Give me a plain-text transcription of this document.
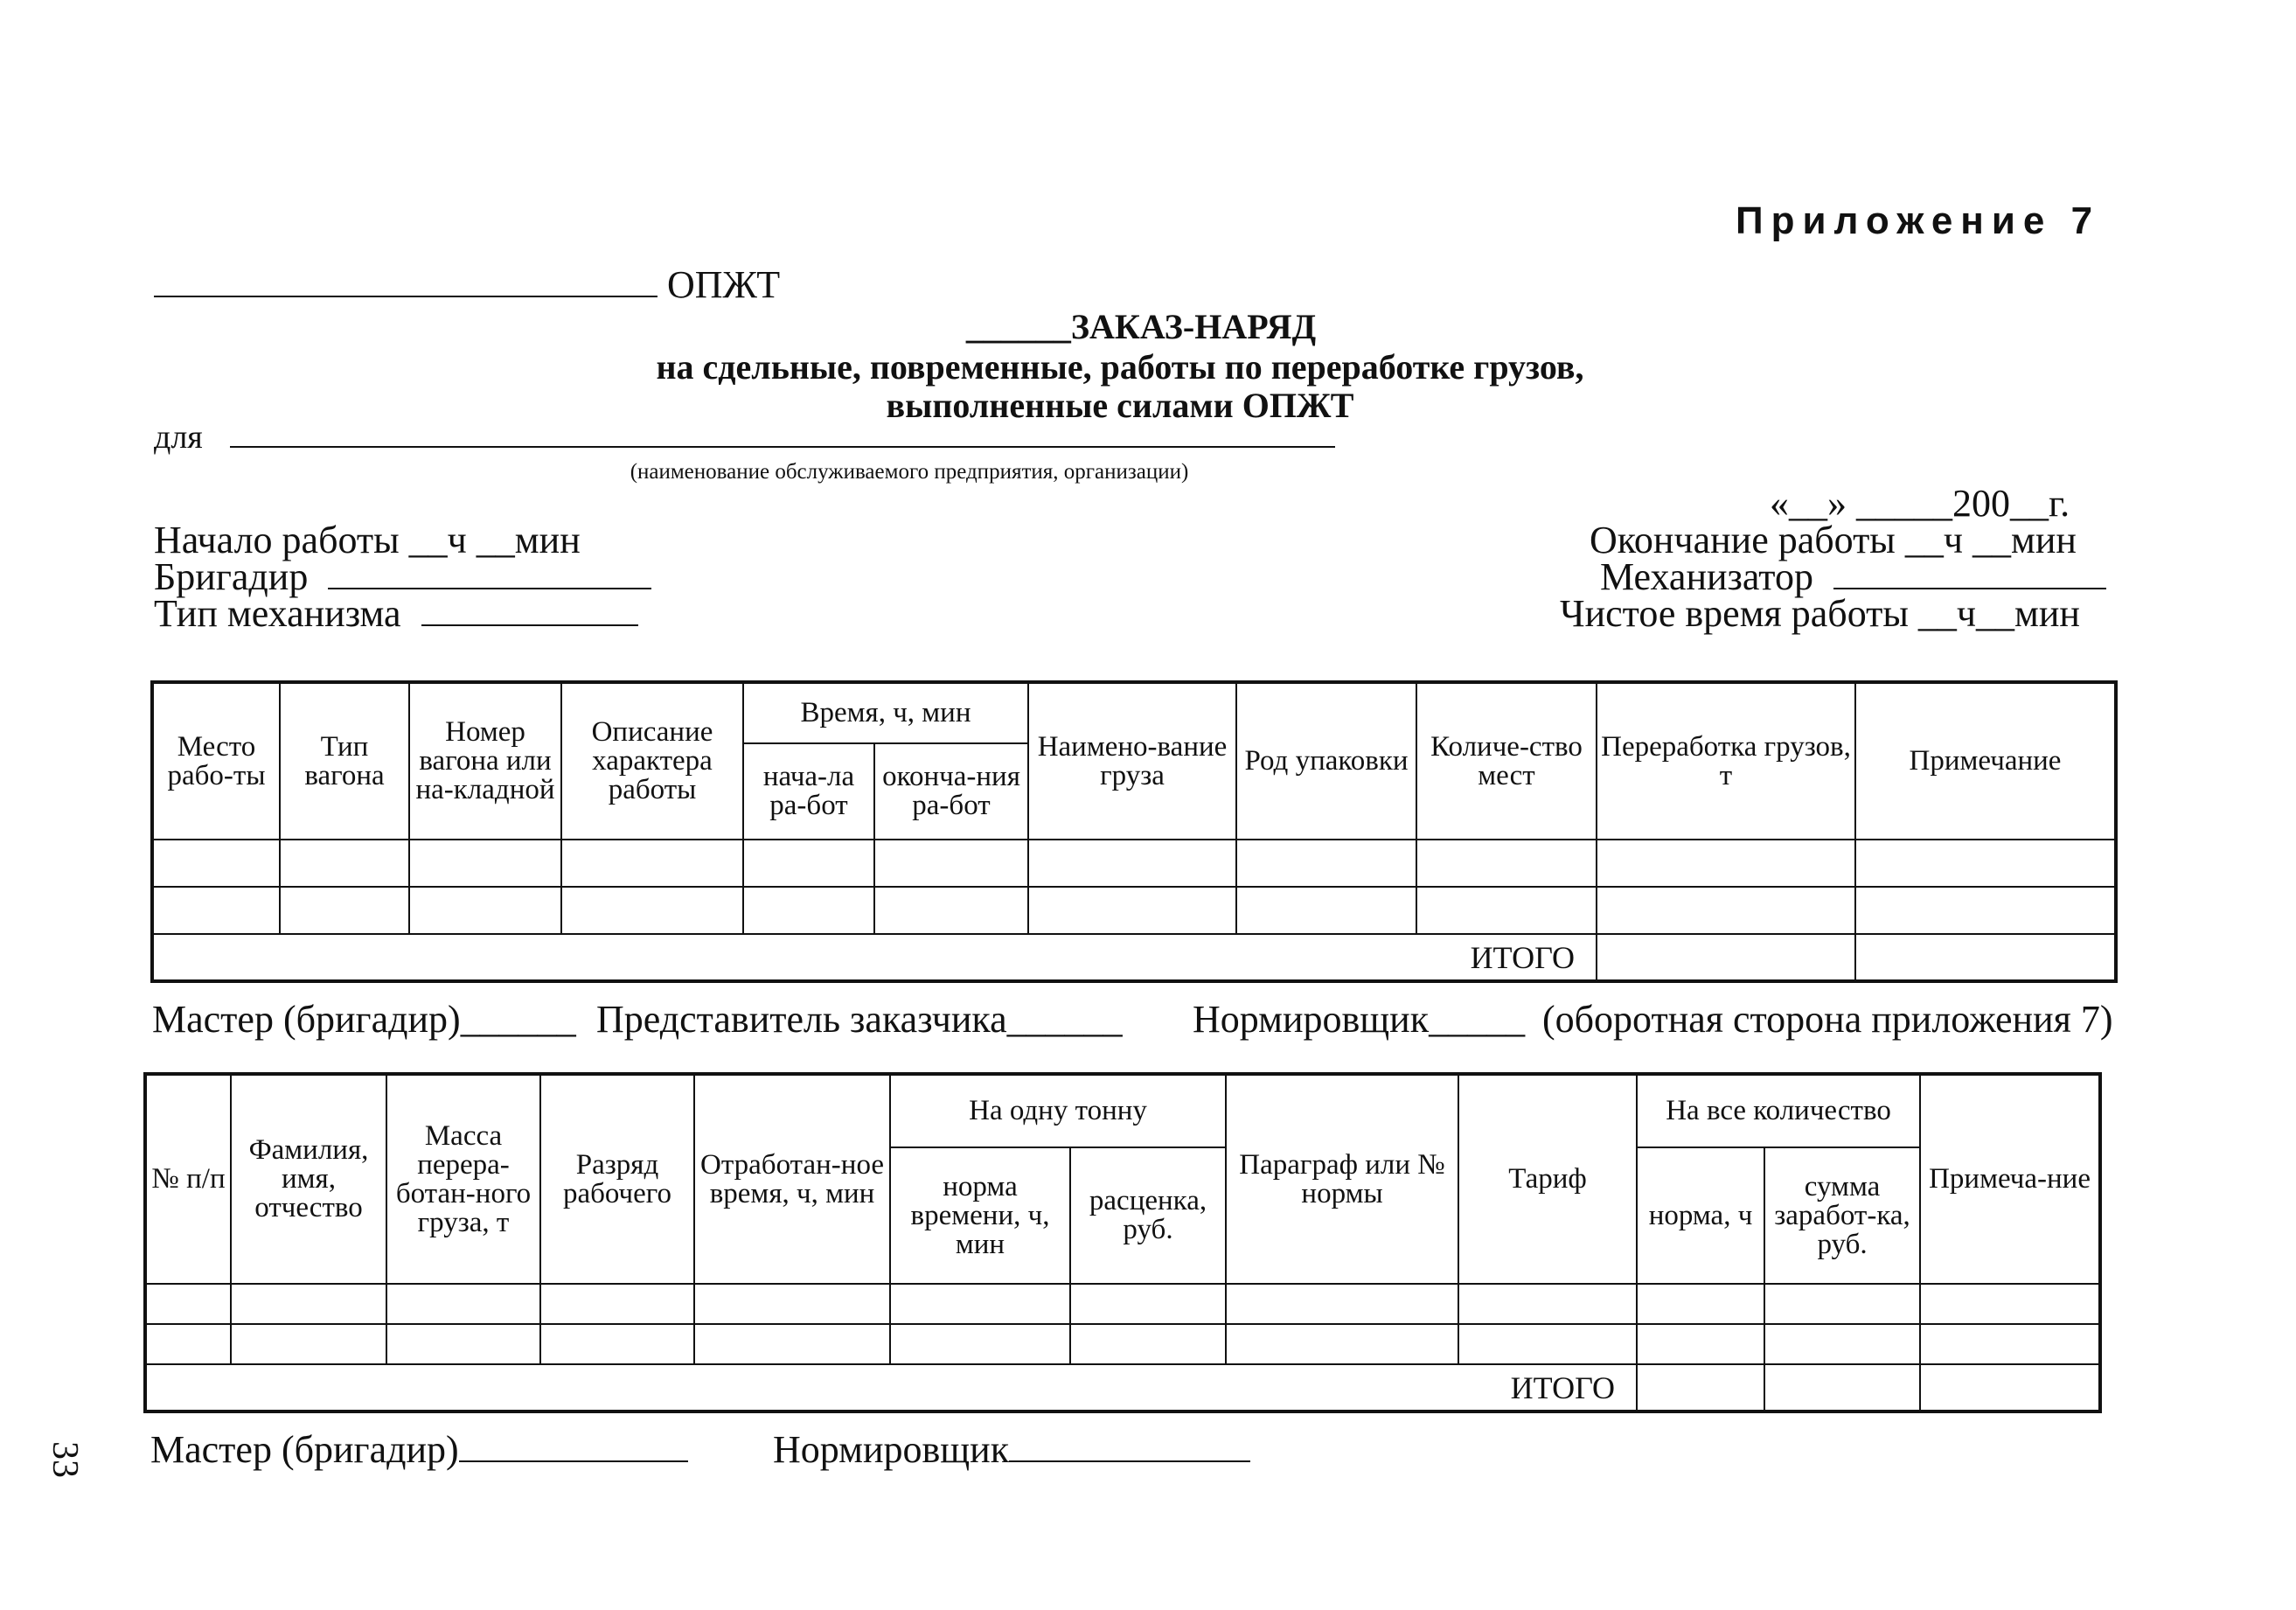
Приложение 7
ОПЖТ
______ЗАКАЗ-НАРЯД
на сдельные, повременные, работы по переработке грузов,
выполненные силами ОПЖТ
для
(наименование обслуживаемого предприятия, организации)
«__» _____200__г.
Начало работы __ч __мин
Бригадир
Тип механизма
Окончание работы __ч __мин
Механизатор
Чистое время работы __ч__мин
Место рабо-ты	Тип вагона	Номер вагона или на-кладной	Описание характера работы	Время, ч, мин		Наимено-вание груза	Род упаковки	Количе-ство мест	Переработка грузов, т	Примечание
				нача-ла ра-бот	оконча-ния ра-бот					

ИТОГО										
Мастер (бригадир)______ Представитель заказчика______ Нормировщик_____ (оборотная сторона приложения 7)
№ п/п	Фамилия, имя, отчество	Масса перера-ботан-ного груза, т	Разряд рабочего	Отработан-ное время, ч, мин	На одну тонну		Параграф или № нормы	Тариф	На все количество		Примеча-ние
					норма времени, ч, мин	расценка, руб.			норма, ч	сумма заработ-ка, руб.	

ИТОГО											
Мастер (бригадир)	Нормировщик
33
